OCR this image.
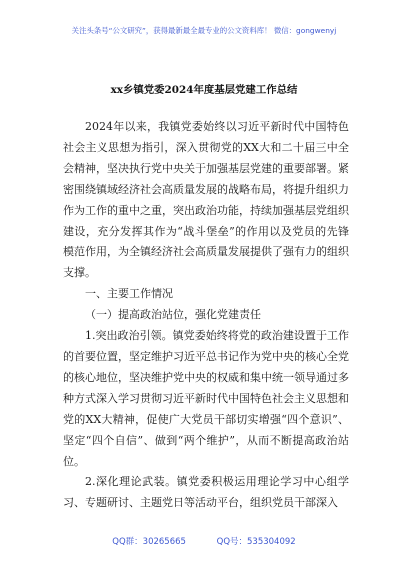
关注头条号“公文研究”，获得最新最全最专业的公文资料库！ 微信：gongwenyj
xx乡镇党委2024年度基层党建工作总结

2024年以来，我镇党委始终以习近平新时代中国特色社会主义思想为指引，深入贯彻党的XX大和二十届三中全会精神，坚决执行党中央关于加强基层党建的重要部署。紧密围绕镇域经济社会高质量发展的战略布局，将提升组织力作为工作的重中之重，突出政治功能，持续加强基层党组织建设，充分发挥其作为“战斗堡垒”的作用以及党员的先锋模范作用，为全镇经济社会高质量发展提供了强有力的组织支撑。

一、主要工作情况

（一）提高政治站位，强化党建责任

1.突出政治引领。镇党委始终将党的政治建设置于工作的首要位置，坚定维护习近平总书记作为党中央的核心全党的核心地位，坚决维护党中央的权威和集中统一领导通过多种方式深入学习贯彻习近平新时代中国特色社会主义思想和党的XX大精神，促使广大党员干部切实增强“四个意识”、坚定“四个自信”、做到“两个维护”，从而不断提高政治站位。

2.深化理论武装。镇党委积极运用理论学习中心组学习、专题研讨、主题党日等活动平台，组织党员干部深入

QQ群：30265665	QQ号：535304092
